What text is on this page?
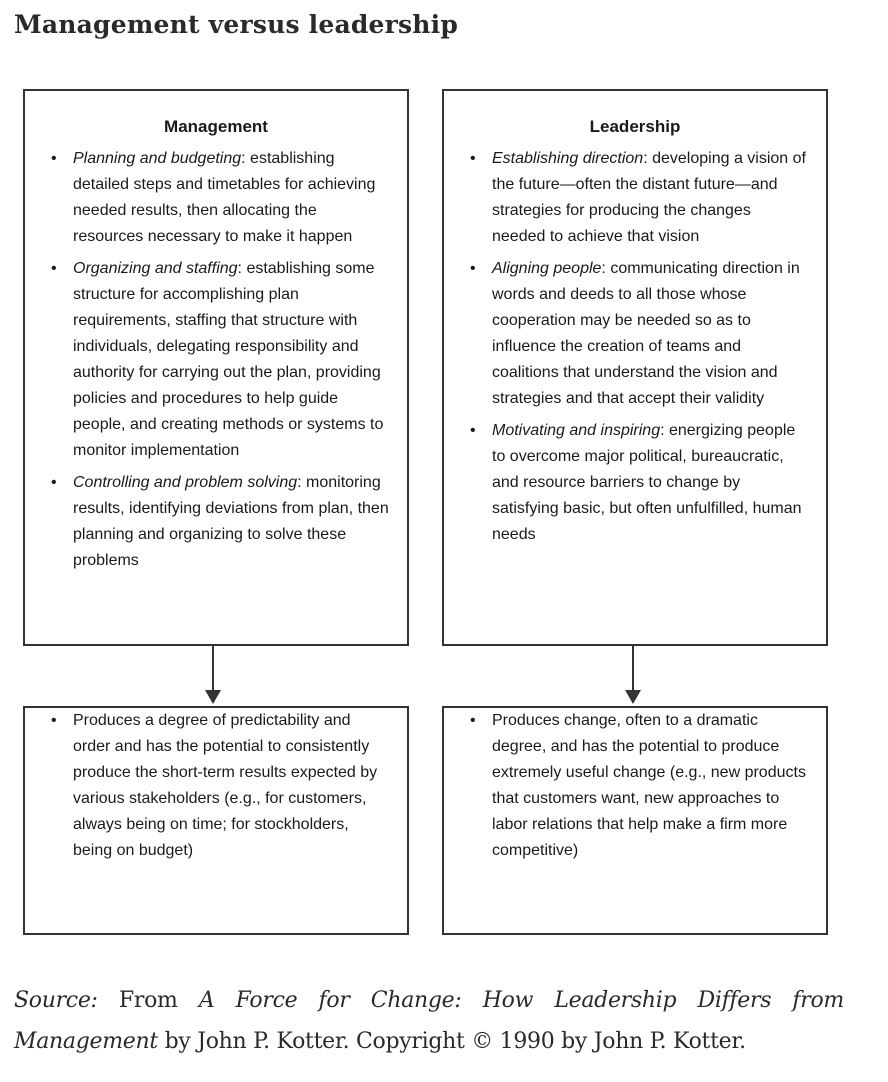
Management versus leadership
Management
• Planning and budgeting: establishing detailed steps and timetables for achieving needed results, then allocating the resources necessary to make it happen
• Organizing and staffing: establishing some structure for accomplishing plan requirements, staffing that structure with individuals, delegating responsibility and authority for carrying out the plan, providing policies and procedures to help guide people, and creating methods or systems to monitor implementation
• Controlling and problem solving: monitoring results, identifying deviations from plan, then planning and organizing to solve these problems
Leadership
• Establishing direction: developing a vision of the future—often the distant future—and strategies for producing the changes needed to achieve that vision
• Aligning people: communicating direction in words and deeds to all those whose cooperation may be needed so as to influence the creation of teams and coalitions that understand the vision and strategies and that accept their validity
• Motivating and inspiring: energizing people to overcome major political, bureaucratic, and resource barriers to change by satisfying basic, but often unfulfilled, human needs
• Produces a degree of predictability and order and has the potential to consistently produce the short-term results expected by various stakeholders (e.g., for customers, always being on time; for stockholders, being on budget)
• Produces change, often to a dramatic degree, and has the potential to produce extremely useful change (e.g., new products that customers want, new approaches to labor relations that help make a firm more competitive)
Source: From A Force for Change: How Leadership Differs from Management by John P. Kotter. Copyright © 1990 by John P. Kotter.
